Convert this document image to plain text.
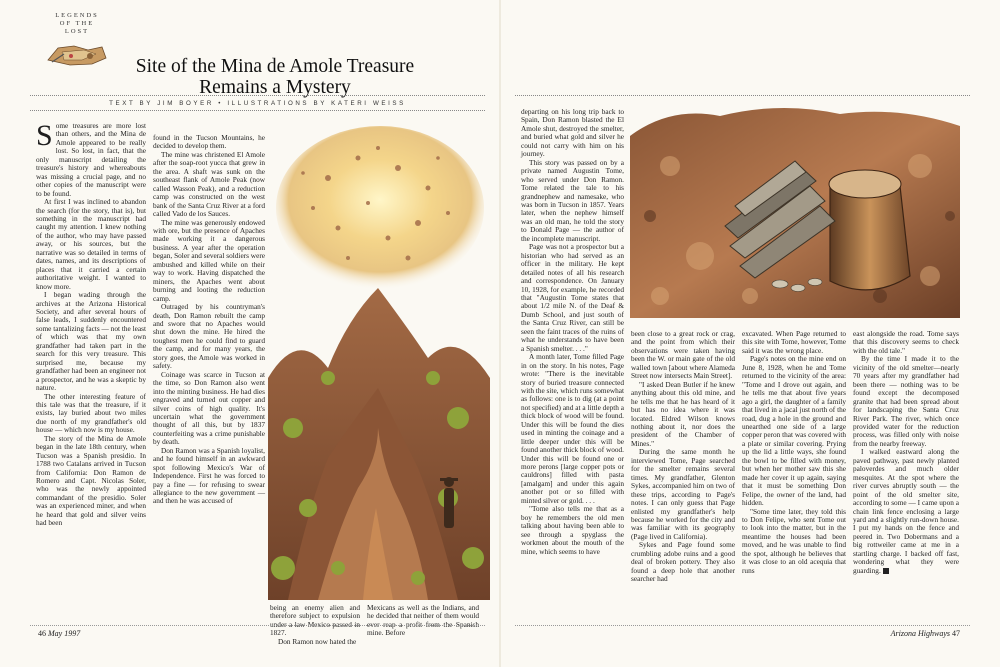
LEGENDS
OF THE
LOST
Site of the Mina de Amole Treasure
Remains a Mystery
TEXT BY JIM BOYER • ILLUSTRATIONS BY KATERI WEISS

Some treasures are more lost than others, and the Mina de Amole appeared to be really lost. So lost, in fact, that the only manuscript detailing the treasure's history and whereabouts was missing a crucial page, and no other copies of the manuscript were to be found.

At first I was inclined to abandon the search (for the story, that is), but something in the manuscript had caught my attention. I knew nothing of the author, who may have passed away, or his sources, but the narrative was so detailed in terms of dates, names, and its descriptions of places that it carried a certain authoritative weight. I wanted to know more.

I began wading through the archives at the Arizona Historical Society, and after several hours of false leads, I suddenly encountered some tantalizing facts — not the least of which was that my own grandfather had taken part in the search for this very treasure. This surprised me, because my grandfather had been an engineer not a prospector, and he was a skeptic by nature.

The other interesting feature of this tale was that the treasure, if it exists, lay buried about two miles due north of my grandfather's old house — which now is my house.

The story of the Mina de Amole began in the late 18th century, when Tucson was a Spanish presidio. In 1788 two Catalans arrived in Tucson from California: Don Ramon de Romero and Capt. Nicolas Soler, who was the newly appointed commandant of the presidio. Soler was an experienced miner, and when he heard that gold and silver veins had been

found in the Tucson Mountains, he decided to develop them.

The mine was christened El Amole after the soap-root yucca that grew in the area. A shaft was sunk on the southeast flank of Amole Peak (now called Wasson Peak), and a reduction camp was constructed on the west bank of the Santa Cruz River at a ford called Vado de los Sauces.

The mine was generously endowed with ore, but the presence of Apaches made working it a dangerous business. A year after the operation began, Soler and several soldiers were ambushed and killed while on their way to work. Having dispatched the miners, the Apaches went about burning and looting the reduction camp.

Outraged by his countryman's death, Don Ramon rebuilt the camp and swore that no Apaches would shut down the mine. He hired the toughest men he could find to guard the camp, and for many years, the story goes, the Amole was worked in safety.

Coinage was scarce in Tucson at the time, so Don Ramon also went into the minting business. He had dies engraved and turned out copper and silver coins of high quality. It's uncertain what the government thought of all this, but by 1837 counterfeiting was a crime punishable by death.

Don Ramon was a Spanish loyalist, and he found himself in an awkward spot following Mexico's War of Independence. First he was forced to pay a fine — for refusing to swear allegiance to the new government — and then he was accused of

being an enemy alien and therefore subject to expulsion under a law Mexico passed in 1827.

Don Ramon now hated the

Mexicans as well as the Indians, and he decided that neither of them would ever reap a profit from the Spanish mine. Before

departing on his long trip back to Spain, Don Ramon blasted the El Amole shut, destroyed the smelter, and buried what gold and silver he could not carry with him on his journey.

This story was passed on by a private named Augustin Tome, who served under Don Ramon. Tome related the tale to his grandnephew and namesake, who was born in Tucson in 1857. Years later, when the nephew himself was an old man, he told the story to Donald Page — the author of the incomplete manuscript.

Page was not a prospector but a historian who had served as an officer in the military. He kept detailed notes of all his research and correspondence. On January 10, 1928, for example, he recorded that "Augustin Tome states that about 1/2 mile N. of the Deaf & Dumb School, and just south of the Santa Cruz River, can still be seen the faint traces of the ruins of what he understands to have been a Spanish smelter. . . ."

A month later, Tome filled Page in on the story. In his notes, Page wrote: "There is the inevitable story of buried treasure connected with the site, which runs somewhat as follows: one is to dig (at a point not specified) and at a little depth a thick block of wood will be found. Under this will be found the dies used in minting the coinage and a little deeper under this will be found another thick block of wood. Under this will be found one or more perons [large copper pots or cauldrons] filled with pasta [amalgam] and under this again another pot or so filled with minted silver or gold. . . .

"Tome also tells me that as a boy he remembers the old men talking about having been able to see through a spyglass the workmen about the mouth of the mine, which seems to have

been close to a great rock or crag, and the point from which their observations were taken having been the W. or main gate of the old walled town [about where Alameda Street now intersects Main Street].

"I asked Dean Butler if he knew anything about this old mine, and he tells me that he has heard of it but has no idea where it was located. Eldred Wilson knows nothing about it, nor does the president of the Chamber of Mines."

During the same month he interviewed Tome, Page searched for the smelter remains several times. My grandfather, Glenton Sykes, accompanied him on two of these trips, according to Page's notes. I can only guess that Page enlisted my grandfather's help because he worked for the city and was familiar with its geography (Page lived in California).

Sykes and Page found some crumbling adobe ruins and a good deal of broken pottery. They also found a deep hole that another searcher had

excavated. When Page returned to this site with Tome, however, Tome said it was the wrong place.

Page's notes on the mine end on June 8, 1928, when he and Tome returned to the vicinity of the area: "Tome and I drove out again, and he tells me that about five years ago a girl, the daughter of a family that lived in a jacal just north of the road, dug a hole in the ground and unearthed one side of a large copper peron that was covered with a plate or similar covering. Prying up the lid a little ways, she found the bowl to be filled with money, but when her mother saw this she made her cover it up again, saying that it must be something Don Felipe, the owner of the land, had hidden.

"Some time later, they told this to Don Felipe, who sent Tome out to look into the matter, but in the meantime the houses had been moved, and he was unable to find the spot, although he believes that it was close to an old acequia that runs

east alongside the road. Tome says that this discovery seems to check with the old tale."

By the time I made it to the vicinity of the old smelter—nearly 70 years after my grandfather had been there — nothing was to be found except the decomposed granite that had been spread about for landscaping the Santa Cruz River Park. The river, which once provided water for the reduction process, was filled only with noise from the nearby freeway.

I walked eastward along the paved pathway, past newly planted paloverdes and much older mesquites. At the spot where the river curves abruptly south — the point of the old smelter site, according to some — I came upon a chain link fence enclosing a large yard and a slightly run-down house. I put my hands on the fence and peered in. Two Dobermans and a big rottweiler came at me in a startling charge. I backed off fast, wondering what they were guarding.

46 May 1997	Arizona Highways 47
